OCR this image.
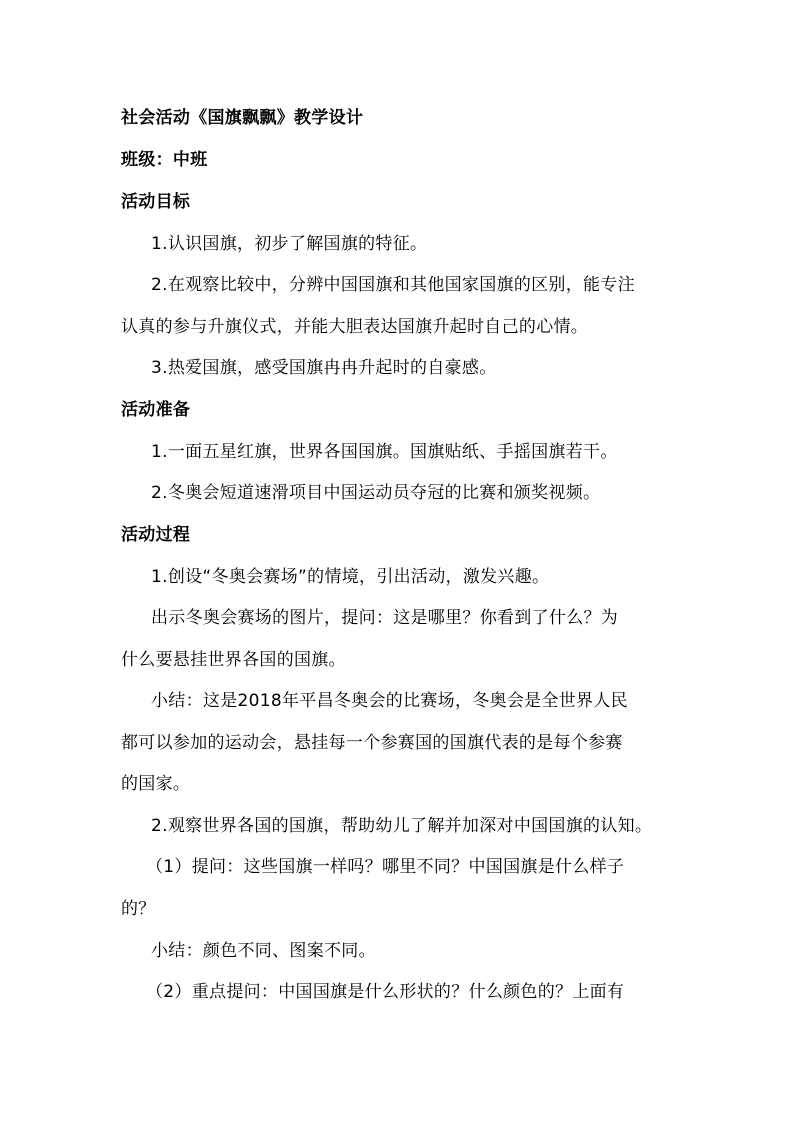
社会活动《国旗飘飘》教学设计
班级：中班
活动目标
1.认识国旗，初步了解国旗的特征。
2.在观察比较中，分辨中国国旗和其他国家国旗的区别，能专注
认真的参与升旗仪式，并能大胆表达国旗升起时自己的心情。
3.热爱国旗，感受国旗冉冉升起时的自豪感。
活动准备
1.一面五星红旗，世界各国国旗。国旗贴纸、手摇国旗若干。
2.冬奥会短道速滑项目中国运动员夺冠的比赛和颁奖视频。
活动过程
1.创设“冬奥会赛场”的情境，引出活动，激发兴趣。
出示冬奥会赛场的图片，提问：这是哪里？你看到了什么？为
什么要悬挂世界各国的国旗。
小结：这是2018年平昌冬奥会的比赛场，冬奥会是全世界人民
都可以参加的运动会，悬挂每一个参赛国的国旗代表的是每个参赛
的国家。
2.观察世界各国的国旗，帮助幼儿了解并加深对中国国旗的认知。
（1）提问：这些国旗一样吗？哪里不同？中国国旗是什么样子
的？
小结：颜色不同、图案不同。
（2）重点提问：中国国旗是什么形状的？什么颜色的？上面有
